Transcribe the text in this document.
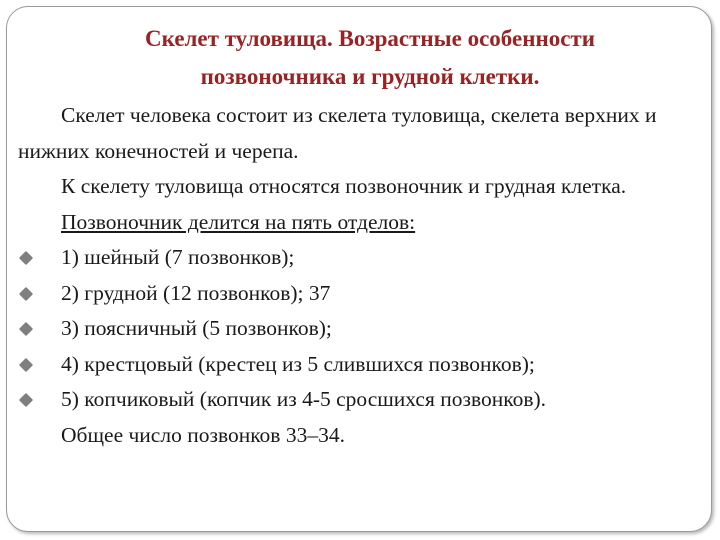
Скелет туловища. Возрастные особенности
позвоночника и грудной клетки.

Скелет человека состоит из скелета туловища, скелета верхних и нижних конечностей и черепа.

К скелету туловища относятся позвоночник и грудная клетка.

Позвоночник делится на пять отделов:
1) шейный (7 позвонков);
2) грудной (12 позвонков); 37
3) поясничный (5 позвонков);
4) крестцовый (крестец из 5 слившихся позвонков);
5) копчиковый (копчик из 4-5 сросшихся позвонков).
Общее число позвонков 33–34.
